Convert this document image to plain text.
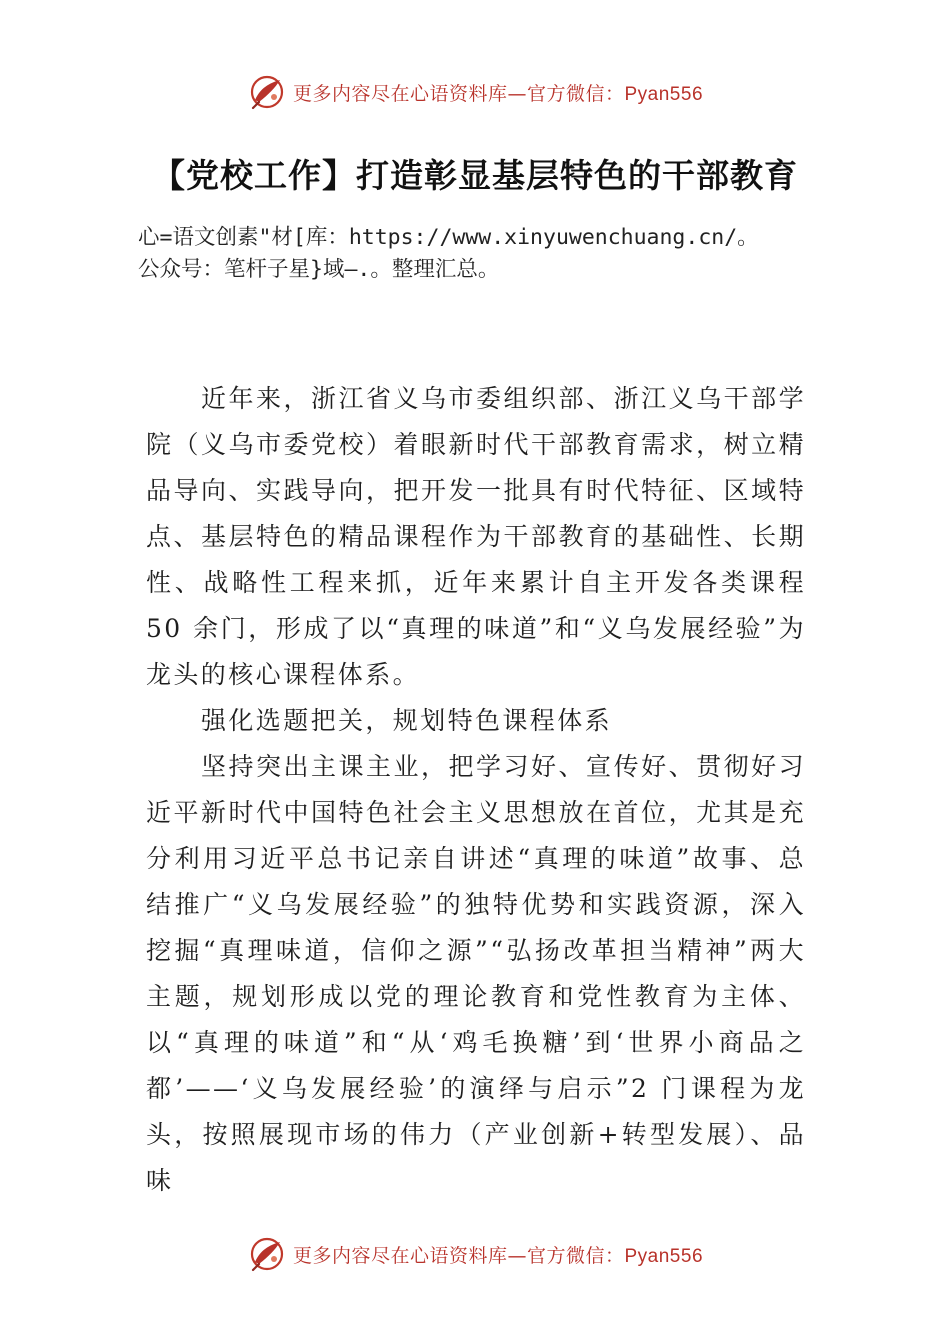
更多内容尽在心语资料库—官方微信：Pyan556
【党校工作】打造彰显基层特色的干部教育
心=语文创素"材[库：https://www.xinyuwenchuang.cn/。
公众号：笔杆子星}域—.。整理汇总。

近年来，浙江省义乌市委组织部、浙江义乌干部学院（义乌市委党校）着眼新时代干部教育需求，树立精品导向、实践导向，把开发一批具有时代特征、区域特点、基层特色的精品课程作为干部教育的基础性、长期性、战略性工程来抓，近年来累计自主开发各类课程 50 余门，形成了以“真理的味道”和“义乌发展经验”为龙头的核心课程体系。

强化选题把关，规划特色课程体系

坚持突出主课主业，把学习好、宣传好、贯彻好习近平新时代中国特色社会主义思想放在首位，尤其是充分利用习近平总书记亲自讲述“真理的味道”故事、总结推广“义乌发展经验”的独特优势和实践资源，深入挖掘“真理味道，信仰之源”“弘扬改革担当精神”两大主题，规划形成以党的理论教育和党性教育为主体、以“真理的味道”和“从‘鸡毛换糖’到‘世界小商品之都’——‘义乌发展经验’的演绎与启示”2 门课程为龙头，按照展现市场的伟力（产业创新+转型发展）、品味

更多内容尽在心语资料库—官方微信：Pyan556
